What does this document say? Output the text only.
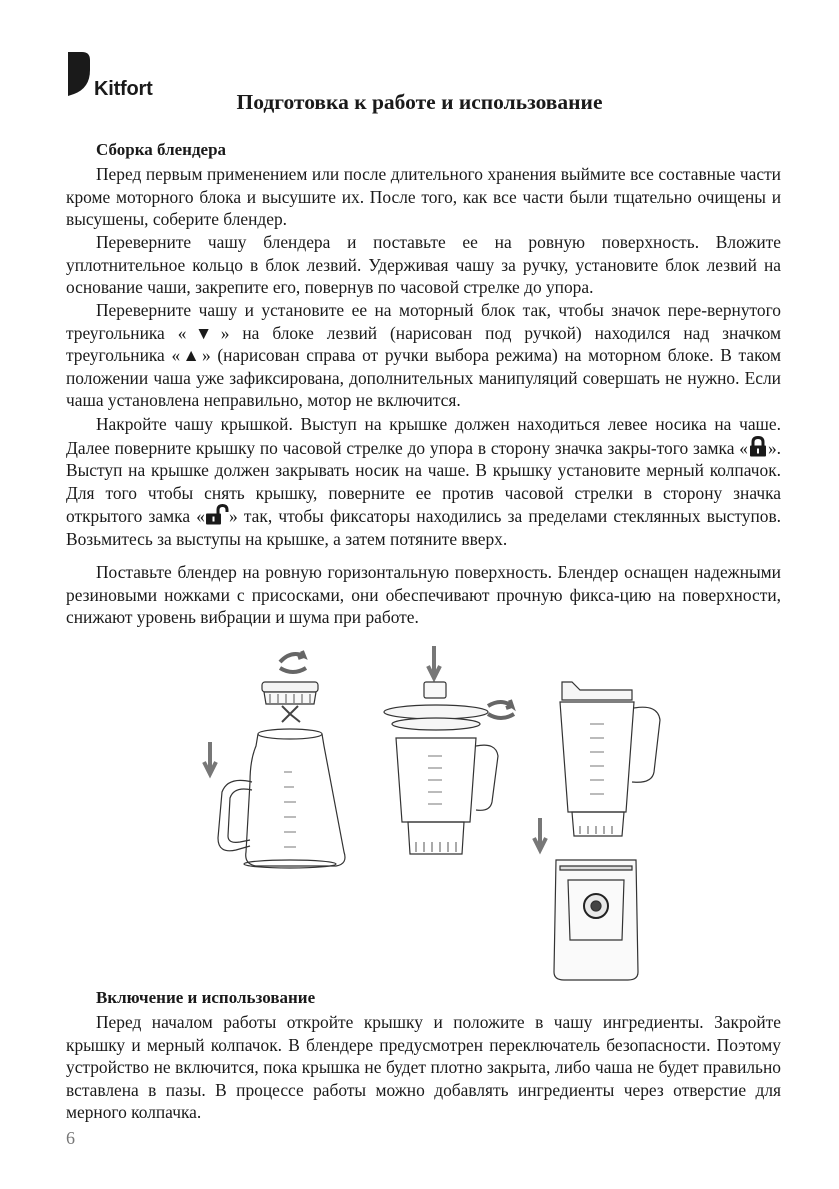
Kitfort
Подготовка к работе и использование
Сборка блендера

Перед первым применением или после длительного хранения выймите все составные части кроме моторного блока и высушите их. После того, как все части были тщательно очищены и высушены, соберите блендер.

Переверните чашу блендера и поставьте ее на ровную поверхность. Вложите уплотнительное кольцо в блок лезвий. Удерживая чашу за ручку, установите блок лезвий на основание чаши, закрепите его, повернув по часовой стрелке до упора.

Переверните чашу и установите ее на моторный блок так, чтобы значок пере-вернутого треугольника «▼» на блоке лезвий (нарисован под ручкой) находился над значком треугольника «▲» (нарисован справа от ручки выбора режима) на моторном блоке. В таком положении чаша уже зафиксирована, дополнительных манипуляций совершать не нужно. Если чаша установлена неправильно, мотор не включится.

Накройте чашу крышкой. Выступ на крышке должен находиться левее носика на чаше. Далее поверните крышку по часовой стрелке до упора в сторону значка закры-того замка « ». Выступ на крышке должен закрывать носик на чаше. В крышку установите мерный колпачок. Для того чтобы снять крышку, поверните ее против часовой стрелки в сторону значка открытого замка « » так, чтобы фиксаторы находились за пределами стеклянных выступов. Возьмитесь за выступы на крышке, а затем потяните вверх.

Поставьте блендер на ровную горизонтальную поверхность. Блендер оснащен надежными резиновыми ножками с присосками, они обеспечивают прочную фикса-цию на поверхности, снижают уровень вибрации и шума при работе.

Включение и использование

Перед началом работы откройте крышку и положите в чашу ингредиенты. Закройте крышку и мерный колпачок. В блендере предусмотрен переключатель безопасности. Поэтому устройство не включится, пока крышка не будет плотно закрыта, либо чаша не будет правильно вставлена в пазы. В процессе работы можно добавлять ингредиенты через отверстие для мерного колпачка.

6
